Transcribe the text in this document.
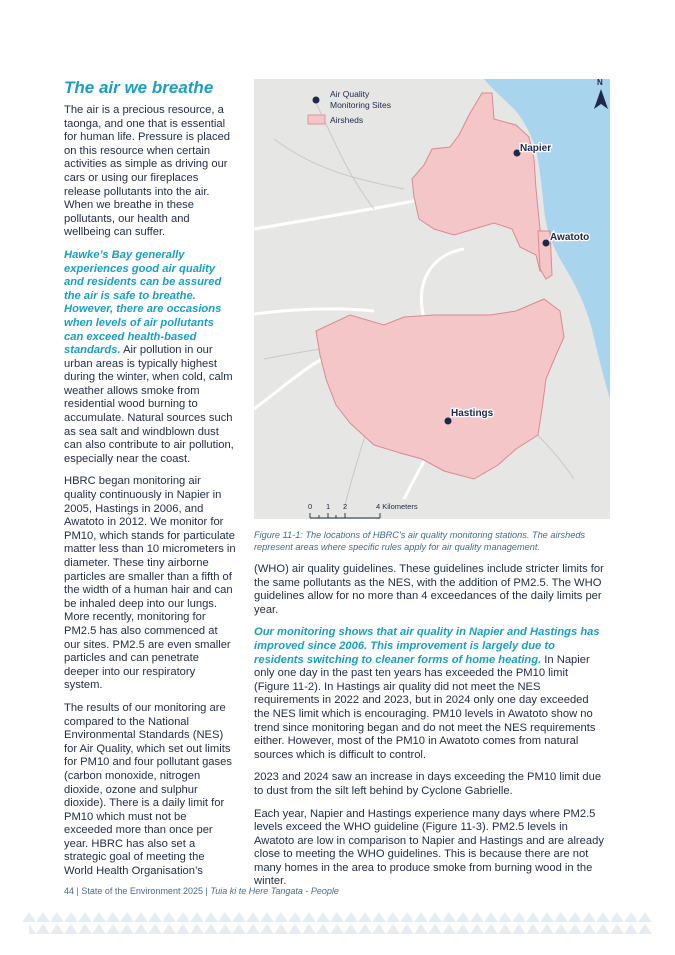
The air we breathe

The air is a precious resource, a taonga, and one that is essential for human life. Pressure is placed on this resource when certain activities as simple as driving our cars or using our fireplaces release pollutants into the air. When we breathe in these pollutants, our health and wellbeing can suffer.

Hawke’s Bay generally experiences good air quality and residents can be assured the air is safe to breathe. However, there are occasions when levels of air pollutants can exceed health-based standards. Air pollution in our urban areas is typically highest during the winter, when cold, calm weather allows smoke from residential wood burning to accumulate. Natural sources such as sea salt and windblown dust can also contribute to air pollution, especially near the coast.

HBRC began monitoring air quality continuously in Napier in 2005, Hastings in 2006, and Awatoto in 2012. We monitor for PM10, which stands for particulate matter less than 10 micrometers in diameter. These tiny airborne particles are smaller than a fifth of the width of a human hair and can be inhaled deep into our lungs. More recently, monitoring for PM2.5 has also commenced at our sites. PM2.5 are even smaller particles and can penetrate deeper into our respiratory system.

The results of our monitoring are compared to the National Environmental Standards (NES) for Air Quality, which set out limits for PM10 and four pollutant gases (carbon monoxide, nitrogen dioxide, ozone and sulphur dioxide). There is a daily limit for PM10 which must not be exceeded more than once per year. HBRC has also set a strategic goal of meeting the World Health Organisation’s

Napier
Awatoto
Hastings
Air Quality
Monitoring Sites
Airsheds
N
0 1 2	4 Kilometers
Figure 11-1: The locations of HBRC’s air quality monitoring stations. The airsheds represent areas where specific rules apply for air quality management.

(WHO) air quality guidelines. These guidelines include stricter limits for the same pollutants as the NES, with the addition of PM2.5. The WHO guidelines allow for no more than 4 exceedances of the daily limits per year.

Our monitoring shows that air quality in Napier and Hastings has improved since 2006. This improvement is largely due to residents switching to cleaner forms of home heating. In Napier only one day in the past ten years has exceeded the PM10 limit (Figure 11-2). In Hastings air quality did not meet the NES requirements in 2022 and 2023, but in 2024 only one day exceeded the NES limit which is encouraging. PM10 levels in Awatoto show no trend since monitoring began and do not meet the NES requirements either. However, most of the PM10 in Awatoto comes from natural sources which is difficult to control.

2023 and 2024 saw an increase in days exceeding the PM10 limit due to dust from the silt left behind by Cyclone Gabrielle.

Each year, Napier and Hastings experience many days where PM2.5 levels exceed the WHO guideline (Figure 11-3). PM2.5 levels in Awatoto are low in comparison to Napier and Hastings and are already close to meeting the WHO guidelines. This is because there are not many homes in the area to produce smoke from burning wood in the winter.

44 | State of the Environment 2025 | Tuia ki te Here Tangata - People
